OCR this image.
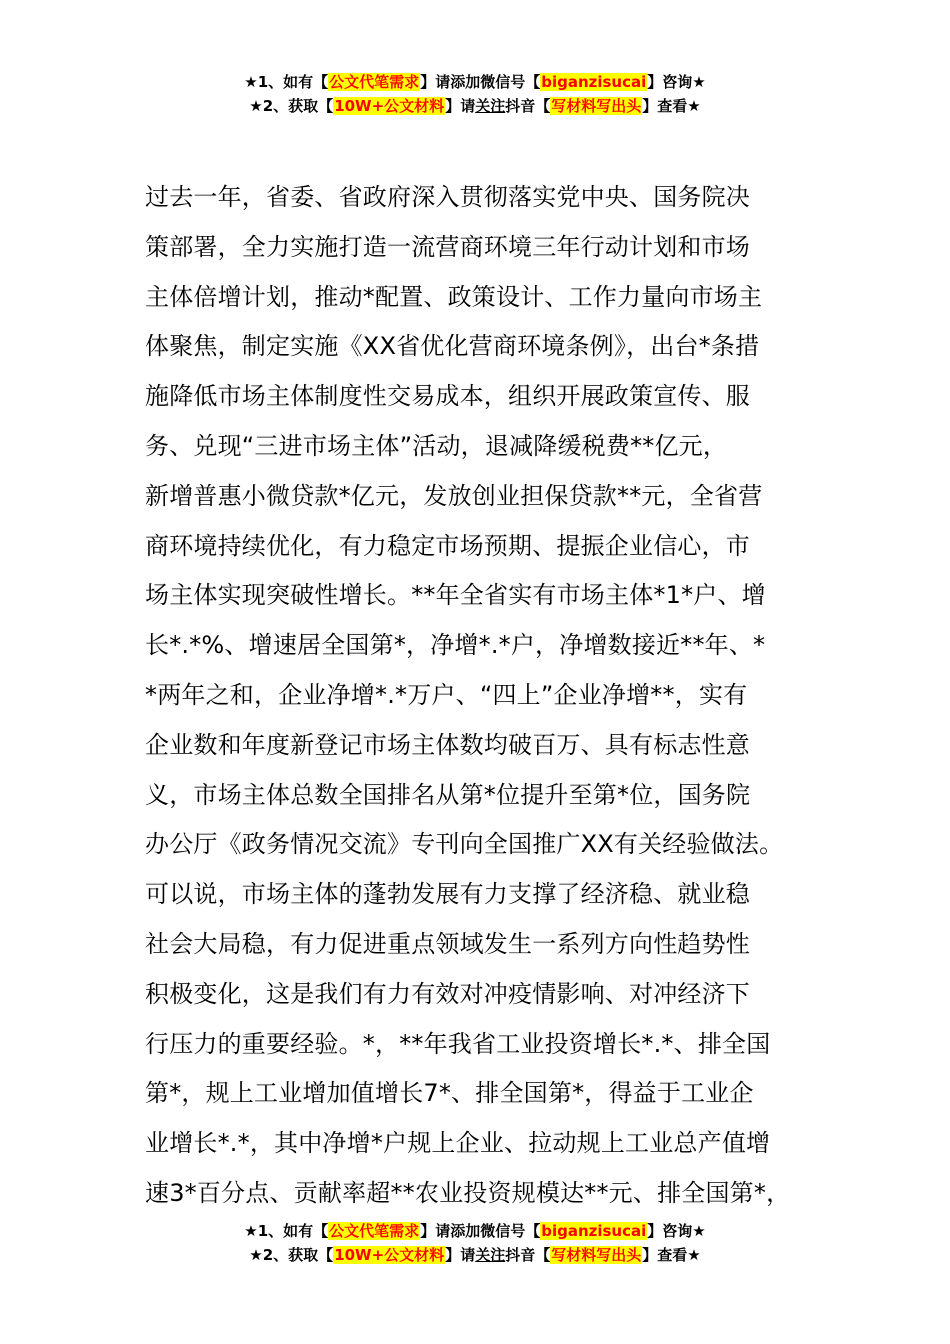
★1、如有【公文代笔需求】请添加微信号【biganzisucai】咨询★
★2、获取【10W+公文材料】请关注抖音【写材料写出头】查看★
过去一年，省委、省政府深入贯彻落实党中央、国务院决
策部署，全力实施打造一流营商环境三年行动计划和市场
主体倍增计划，推动*配置、政策设计、工作力量向市场主
体聚焦，制定实施《XX省优化营商环境条例》，出台*条措
施降低市场主体制度性交易成本，组织开展政策宣传、服
务、兑现“三进市场主体”活动，退减降缓税费**亿元，
新增普惠小微贷款*亿元，发放创业担保贷款**元，全省营
商环境持续优化，有力稳定市场预期、提振企业信心，市
场主体实现突破性增长。**年全省实有市场主体*1*户、增
长*.*%、增速居全国第*，净增*.*户，净增数接近**年、*
*两年之和，企业净增*.*万户、“四上”企业净增**，实有
企业数和年度新登记市场主体数均破百万、具有标志性意
义，市场主体总数全国排名从第*位提升至第*位，国务院
办公厅《政务情况交流》专刊向全国推广XX有关经验做法。
可以说，市场主体的蓬勃发展有力支撑了经济稳、就业稳
社会大局稳，有力促进重点领域发生一系列方向性趋势性
积极变化，这是我们有力有效对冲疫情影响、对冲经济下
行压力的重要经验。*，**年我省工业投资增长*.*、排全国
第*，规上工业增加值增长7*、排全国第*，得益于工业企
业增长*.*，其中净增*户规上企业、拉动规上工业总产值增
速3*百分点、贡献率超**农业投资规模达**元、排全国第*，
★1、如有【公文代笔需求】请添加微信号【biganzisucai】咨询★
★2、获取【10W+公文材料】请关注抖音【写材料写出头】查看★
